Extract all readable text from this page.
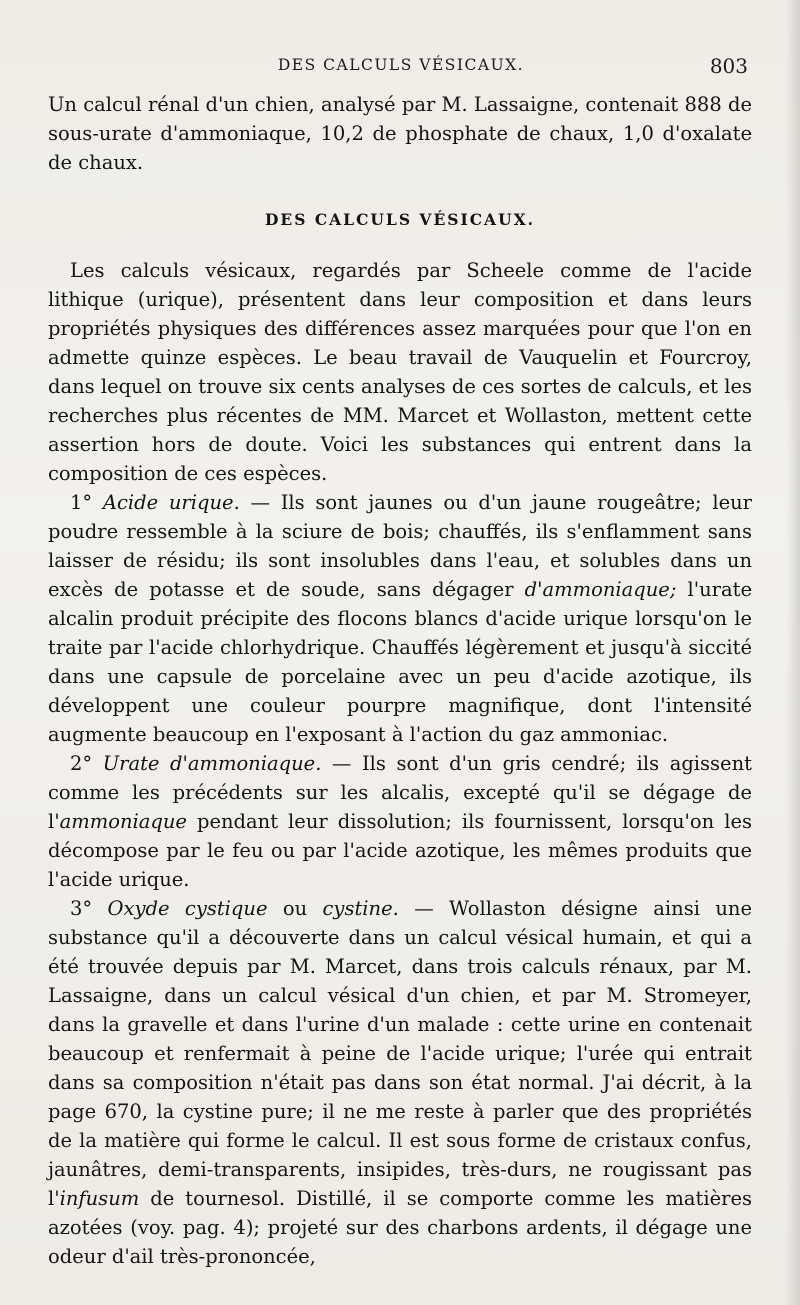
DES CALCULS VÉSICAUX.	803

Un calcul rénal d'un chien, analysé par M. Lassaigne, contenait 888 de sous-urate d'ammoniaque, 10,2 de phosphate de chaux, 1,0 d'oxalate de chaux.

DES CALCULS VÉSICAUX.

Les calculs vésicaux, regardés par Scheele comme de l'acide lithique (urique), présentent dans leur composition et dans leurs propriétés physiques des différences assez marquées pour que l'on en admette quinze espèces. Le beau travail de Vauquelin et Fourcroy, dans lequel on trouve six cents analyses de ces sortes de calculs, et les recherches plus récentes de MM. Marcet et Wollaston, mettent cette assertion hors de doute. Voici les substances qui entrent dans la composition de ces espèces.

1° Acide urique. — Ils sont jaunes ou d'un jaune rougeâtre; leur poudre ressemble à la sciure de bois; chauffés, ils s'enflamment sans laisser de résidu; ils sont insolubles dans l'eau, et solubles dans un excès de potasse et de soude, sans dégager d'ammoniaque; l'urate alcalin produit précipite des flocons blancs d'acide urique lorsqu'on le traite par l'acide chlorhydrique. Chauffés légèrement et jusqu'à siccité dans une capsule de porcelaine avec un peu d'acide azotique, ils développent une couleur pourpre magnifique, dont l'intensité augmente beaucoup en l'exposant à l'action du gaz ammoniac.

2° Urate d'ammoniaque. — Ils sont d'un gris cendré; ils agissent comme les précédents sur les alcalis, excepté qu'il se dégage de l'ammoniaque pendant leur dissolution; ils fournissent, lorsqu'on les décompose par le feu ou par l'acide azotique, les mêmes produits que l'acide urique.

3° Oxyde cystique ou cystine. — Wollaston désigne ainsi une substance qu'il a découverte dans un calcul vésical humain, et qui a été trouvée depuis par M. Marcet, dans trois calculs rénaux, par M. Lassaigne, dans un calcul vésical d'un chien, et par M. Stromeyer, dans la gravelle et dans l'urine d'un malade : cette urine en contenait beaucoup et renfermait à peine de l'acide urique; l'urée qui entrait dans sa composition n'était pas dans son état normal. J'ai décrit, à la page 670, la cystine pure; il ne me reste à parler que des propriétés de la matière qui forme le calcul. Il est sous forme de cristaux confus, jaunâtres, demi-transparents, insipides, très-durs, ne rougissant pas l'infusum de tournesol. Distillé, il se comporte comme les matières azotées (voy. pag. 4); projeté sur des charbons ardents, il dégage une odeur d'ail très-prononcée,
